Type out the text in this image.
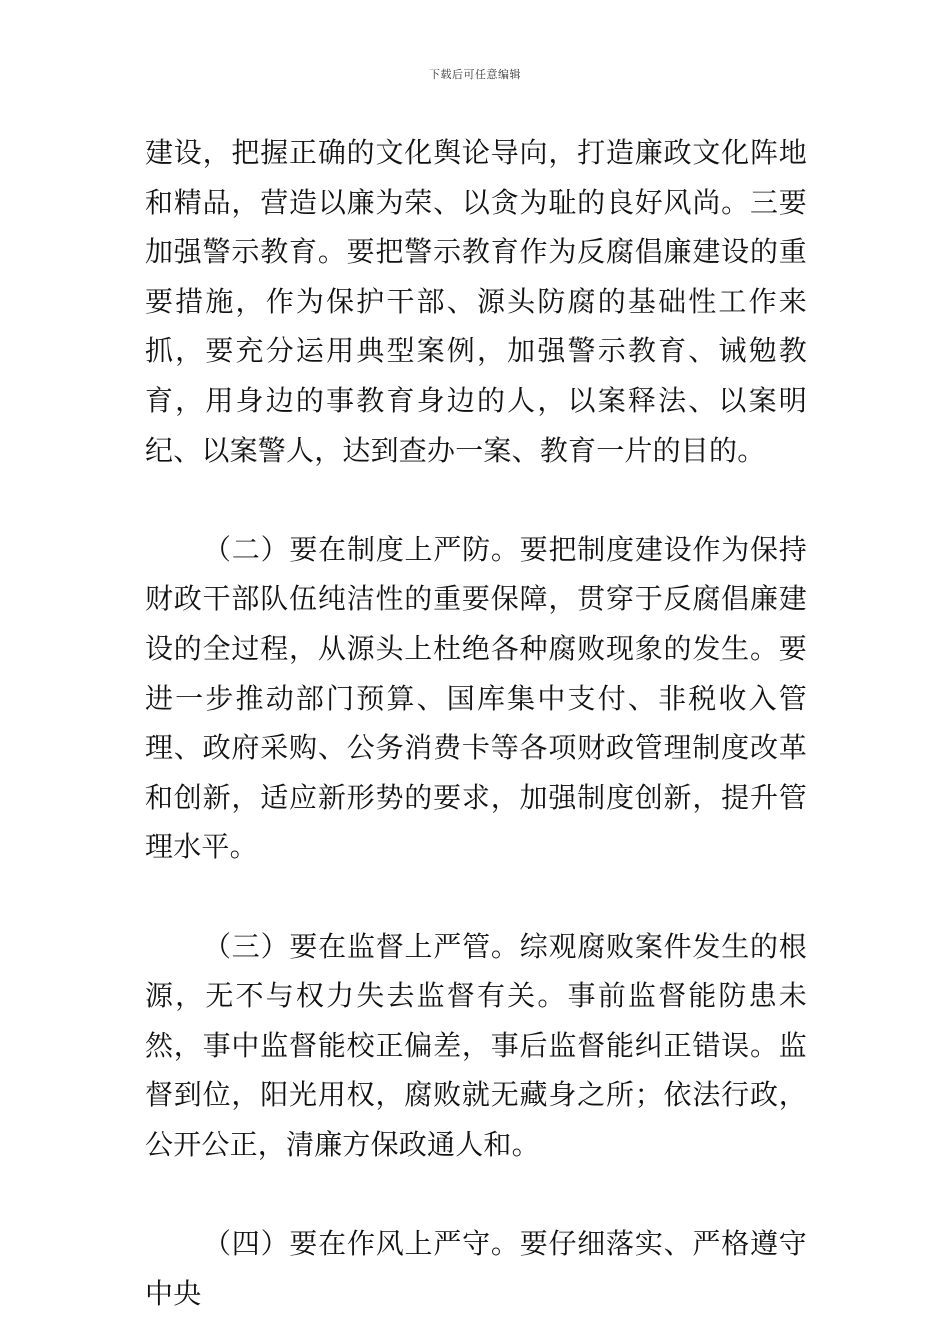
下载后可任意编辑

建设，把握正确的文化舆论导向，打造廉政文化阵地和精品，营造以廉为荣、以贪为耻的良好风尚。三要加强警示教育。要把警示教育作为反腐倡廉建设的重要措施，作为保护干部、源头防腐的基础性工作来抓，要充分运用典型案例，加强警示教育、诫勉教育，用身边的事教育身边的人，以案释法、以案明纪、以案警人，达到查办一案、教育一片的目的。

（二）要在制度上严防。要把制度建设作为保持财政干部队伍纯洁性的重要保障，贯穿于反腐倡廉建设的全过程，从源头上杜绝各种腐败现象的发生。要进一步推动部门预算、国库集中支付、非税收入管理、政府采购、公务消费卡等各项财政管理制度改革和创新，适应新形势的要求，加强制度创新，提升管理水平。

（三）要在监督上严管。综观腐败案件发生的根源，无不与权力失去监督有关。事前监督能防患未然，事中监督能校正偏差，事后监督能纠正错误。监督到位，阳光用权，腐败就无藏身之所；依法行政，公开公正，清廉方保政通人和。

（四）要在作风上严守。要仔细落实、严格遵守中央
